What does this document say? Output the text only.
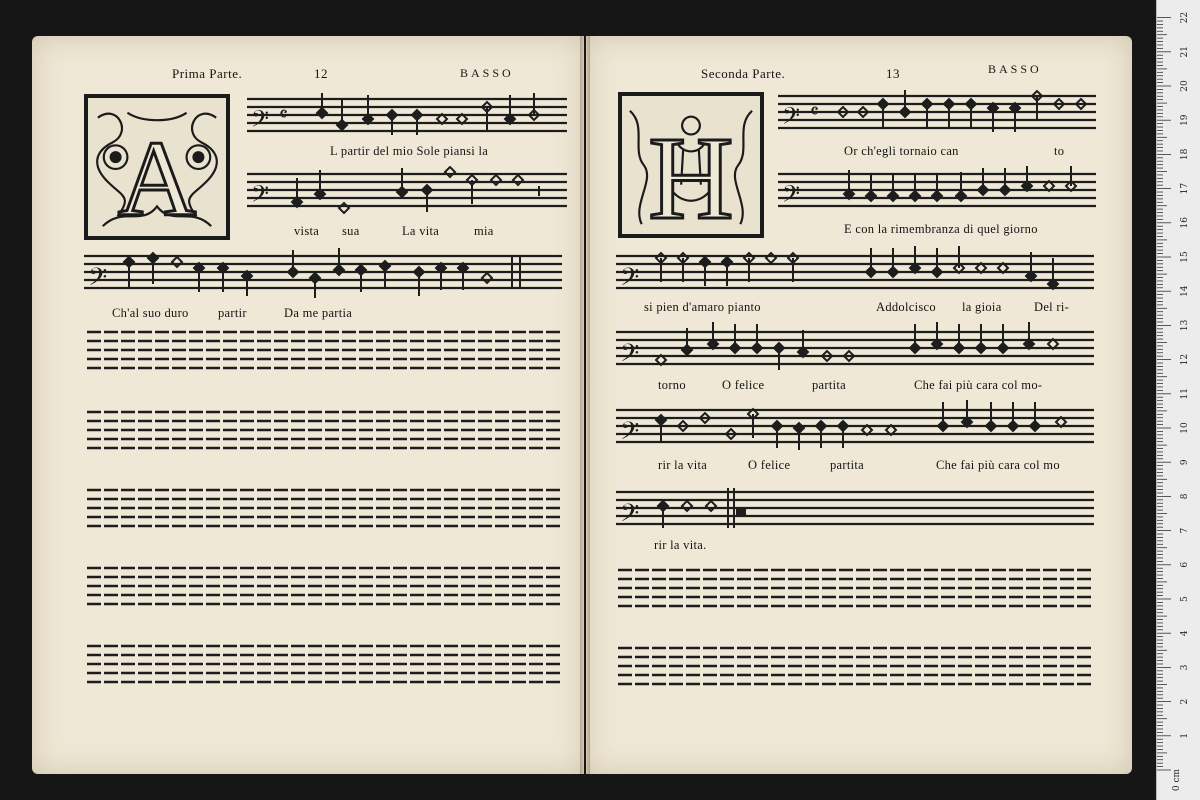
Prima Parte.	12	BASSO
A 𝄢 𝄴
L partir del mio Sole piansi la
𝄢
vista sua	La vita	mia
𝄢
Ch'al suo duro partir	Da me partia
Seconda Parte.	13	BASSO
H 𝄢 𝄴
Or ch'egli tornaio can	to
𝄢
E con la rimembranza di quel giorno
𝄢
si pien d'amaro pianto	Addolcisco la gioia	Del ri-
𝄢
torno	O felice	partita	Che fai più cara col mo-
𝄢
rir la vita	O felice	partita	Che fai più cara col mo
𝄢
rir la vita.
1
2
3
4
5
6
7
8
9
10
11
12
13
14
15
16
17
18
19
20
21
22
0 cm
